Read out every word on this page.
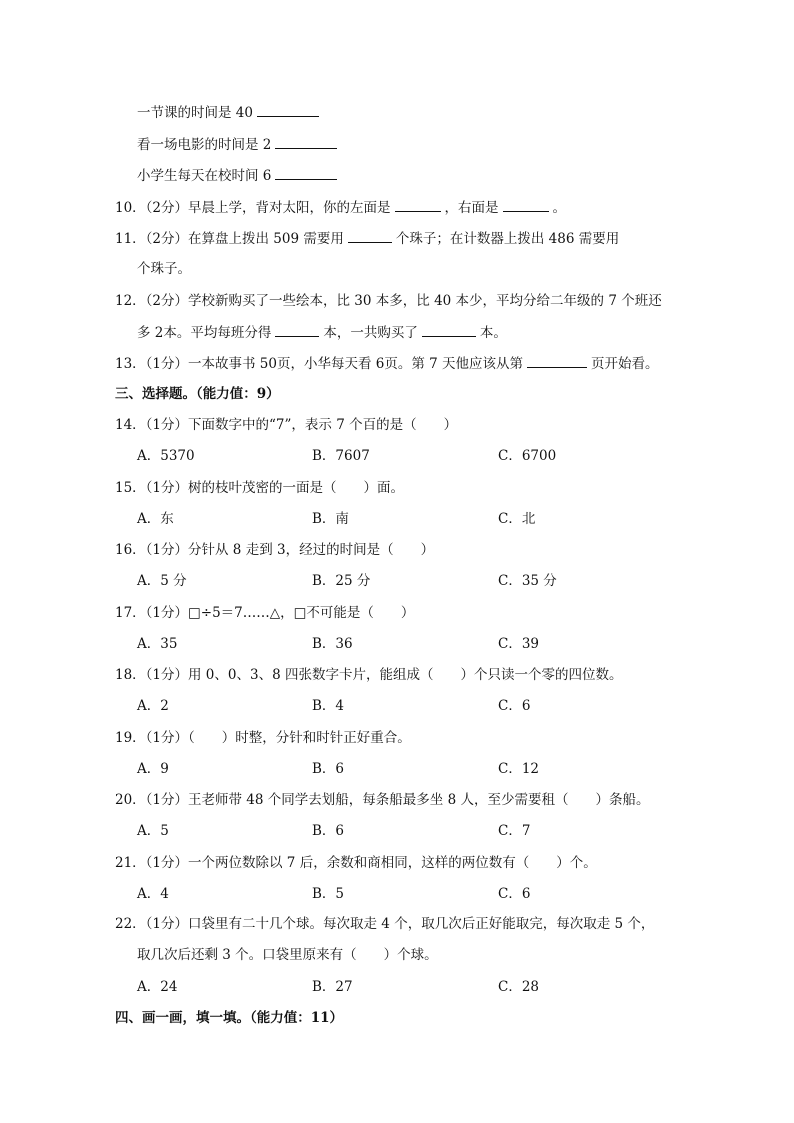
一节课的时间是 40
看一场电影的时间是 2
小学生每天在校时间 6
10．（2分）早晨上学，背对太阳，你的左面是	，右面是	。
11．（2分）在算盘上拨出 509 需要用	个珠子；在计数器上拨出 486 需要用
个珠子。
12．（2分）学校新购买了一些绘本，比 30 本多，比 40 本少，平均分给二年级的 7 个班还
多 2本。平均每班分得	本，一共购买了	本。
13．（1分）一本故事书 50页，小华每天看 6页。第 7 天他应该从第	页开始看。
三、选择题。（能力值：9）
14．（1分）下面数字中的“7”，表示 7 个百的是（　　）
A．5370	B．7607	C．6700
15．（1分）树的枝叶茂密的一面是（　　）面。
A．东	B．南	C．北
16．（1分）分针从 8 走到 3，经过的时间是（　　）
A．5 分	B．25 分	C．35 分
17．（1分）□÷5＝7……△，□不可能是（　　）
A．35	B．36	C．39
18．（1分）用 0、0、3、8 四张数字卡片，能组成（　　）个只读一个零的四位数。
A．2	B．4	C．6
19．（1分）（　　）时整，分针和时针正好重合。
A．9	B．6	C．12
20．（1分）王老师带 48 个同学去划船，每条船最多坐 8 人，至少需要租（　　）条船。
A．5	B．6	C．7
21．（1分）一个两位数除以 7 后，余数和商相同，这样的两位数有（　　）个。
A．4	B．5	C．6
22．（1分）口袋里有二十几个球。每次取走 4 个，取几次后正好能取完，每次取走 5 个，
取几次后还剩 3 个。口袋里原来有（　　）个球。
A．24	B．27	C．28
四、画一画，填一填。（能力值：11）
